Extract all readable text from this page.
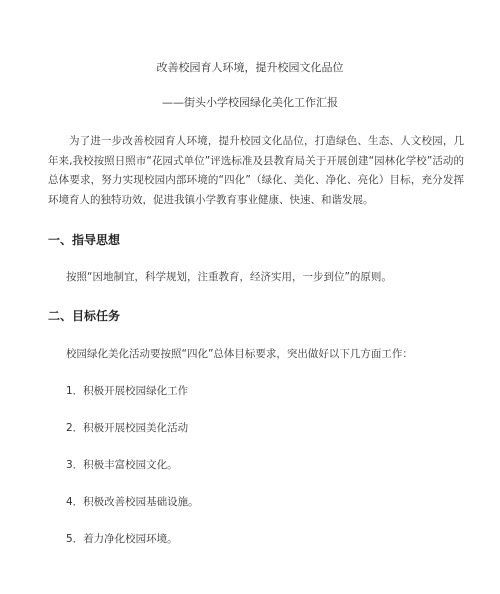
改善校园育人环境，提升校园文化品位
——街头小学校园绿化美化工作汇报
为了进一步改善校园育人环境，提升校园文化品位，打造绿色、生态、人文校园，几年来,我校按照日照市“花园式单位”评选标准及县教育局关于开展创建“园林化学校”活动的总体要求，努力实现校园内部环境的“四化”（绿化、美化、净化、亮化）目标，充分发挥环境育人的独特功效，促进我镇小学教育事业健康、快速、和谐发展。
一、指导思想
按照“因地制宜，科学规划，注重教育，经济实用，一步到位”的原则。
二、目标任务
校园绿化美化活动要按照“四化”总体目标要求，突出做好以下几方面工作：
1．积极开展校园绿化工作
2．积极开展校园美化活动
3．积极丰富校园文化。
4．积极改善校园基础设施。
5．着力净化校园环境。
